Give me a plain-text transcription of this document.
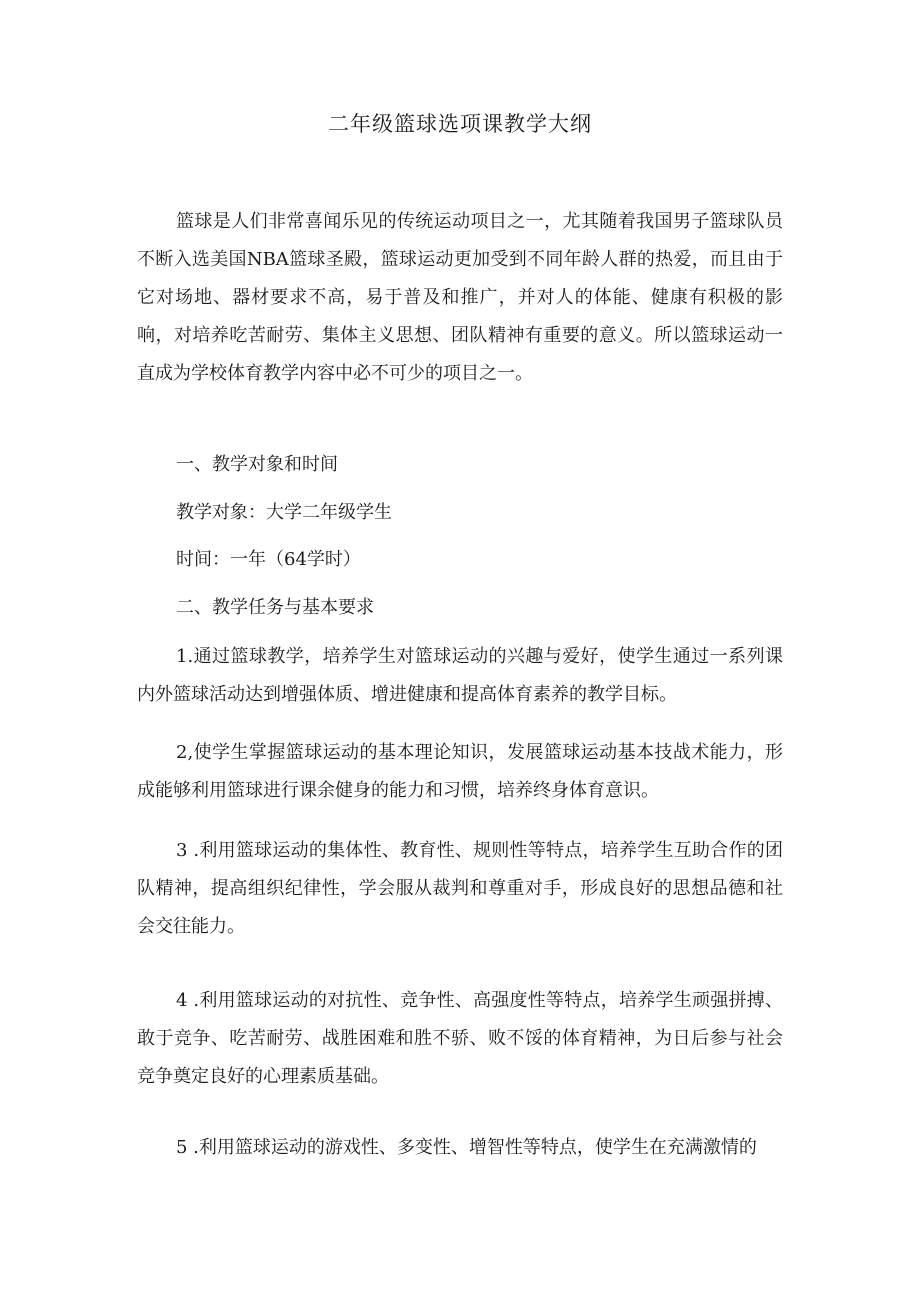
二年级篮球选项课教学大纲

篮球是人们非常喜闻乐见的传统运动项目之一，尤其随着我国男子篮球队员不断入选美国NBA篮球圣殿，篮球运动更加受到不同年龄人群的热爱，而且由于它对场地、器材要求不高，易于普及和推广，并对人的体能、健康有积极的影响，对培养吃苦耐劳、集体主义思想、团队精神有重要的意义。所以篮球运动一直成为学校体育教学内容中必不可少的项目之一。

一、教学对象和时间

教学对象：大学二年级学生

时间：一年（64学时）

二、教学任务与基本要求

1.通过篮球教学，培养学生对篮球运动的兴趣与爱好，使学生通过一系列课内外篮球活动达到增强体质、增进健康和提高体育素养的教学目标。

2,使学生掌握篮球运动的基本理论知识，发展篮球运动基本技战术能力，形成能够利用篮球进行课余健身的能力和习惯，培养终身体育意识。

3 .利用篮球运动的集体性、教育性、规则性等特点，培养学生互助合作的团队精神，提高组织纪律性，学会服从裁判和尊重对手，形成良好的思想品德和社会交往能力。

4 .利用篮球运动的对抗性、竞争性、高强度性等特点，培养学生顽强拼搏、敢于竞争、吃苦耐劳、战胜困难和胜不骄、败不馁的体育精神，为日后参与社会竞争奠定良好的心理素质基础。

5 .利用篮球运动的游戏性、多变性、增智性等特点，使学生在充满激情的
